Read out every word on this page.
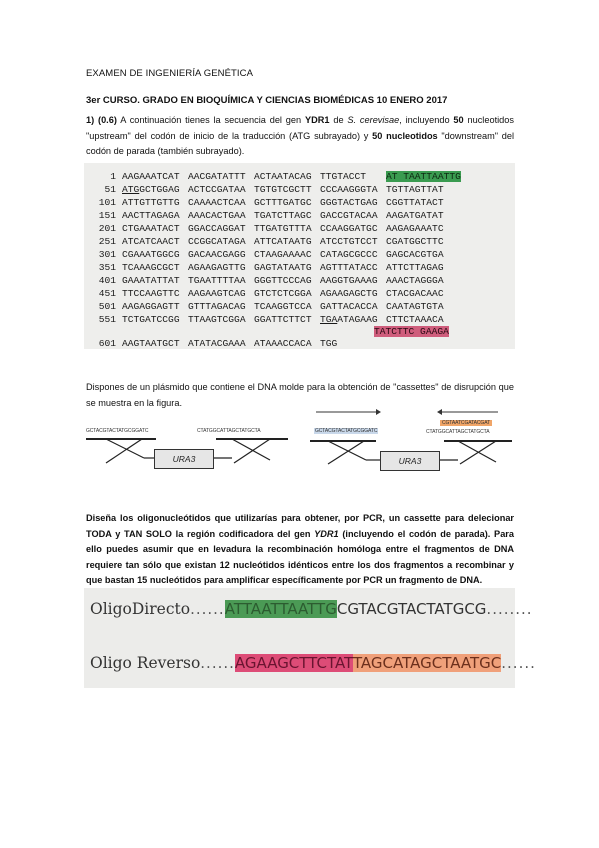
EXAMEN DE INGENIERÍA GENÉTICA
3er CURSO. GRADO EN BIOQUÍMICA Y CIENCIAS BIOMÉDICAS 10 ENERO 2017
1) (0.6) A continuación tienes la secuencia del gen YDR1 de S. cerevisae, incluyendo 50 nucleotidos "upstream" del codón de inicio de la traducción (ATG subrayado) y 50 nucleotidos "downstream" del codón de parada (también subrayado).
1 AAGAAATCAT AACGATATTT ACTAATACAG TTGTACCT AT TAATTAATTG
51 ATGGCTGGAG ACTCCGATAA TGTGTCGCTT CCCAAGGGTA TGTTAGTTAT
101 ATTGTTGTTG CAAAACTCAA GCTTTGATGC GGGTACTGAG CGGTTATACT
151 AACTTAGAGA AAACACTGAA TGATCTTAGC GACCGTACAA AAGATGATAT
201 CTGAAATACT GGACCAGGAT TTGATGTTTA CCAAGGATGC AAGAGAAATC
251 ATCATCAACT CCGGCATAGA ATTCATAATG ATCCTGTCCT CGATGGCTTC
301 CGAAATGGCG GACAACGAGG CTAAGAAAAC CATAGCGCCC GAGCACGTGA
351 TCAAAGCGCT AGAAGAGTTG GAGTATAATG AGTTTATACC ATTCTTAGAG
401 GAAATATTAT TGAATTTTAA GGGTTCCCAG AAGGTGAAAG AAACTAGGGA
451 TTCCAAGTTC AAGAAGTCAG GTCTCTCGGA AGAAGAGCTG CTACGACAAC
501 AAGAGGAGTT GTTTAGACAG TCAAGGTCCA GATTACACCA CAATAGTGTA
551 TCTGATCCGG TTAAGTCGGA GGATTCTTCT TGAATAGAAG CTTCTAAACA
601 AAGTAATGCT ATATACGAAA ATAAACCACA TGG
TATCTTC GAAGA
Dispones de un plásmido que contiene el DNA molde para la obtención de "cassettes" de disrupción que se muestra en la figura.
GCTACGTACTATGCGGATC	CTATGGCATTAGCTATGCTA
URA3
GCTACGTACTATGCGGATC
CGTAATCGATACGAT
CTATGGCATTAGCTATGCTA
URA3
Diseña los oligonucleótidos que utilizarías para obtener, por PCR, un cassette para delecionar TODA y TAN SOLO la región codificadora del gen YDR1 (incluyendo el codón de parada). Para ello puedes asumir que en levadura la recombinación homóloga entre el fragmentos de DNA requiere tan sólo que existan 12 nucleótidos idénticos entre los dos fragmentos a recombinar y que bastan 15 nucleótidos para amplificar específicamente por PCR un fragmento de DNA.
OligoDirecto......ATTAATTAATTGCGTACGTACTATGCG........
Oligo Reverso......AGAAGCTTCTATTAGCATAGCTAATGC......
